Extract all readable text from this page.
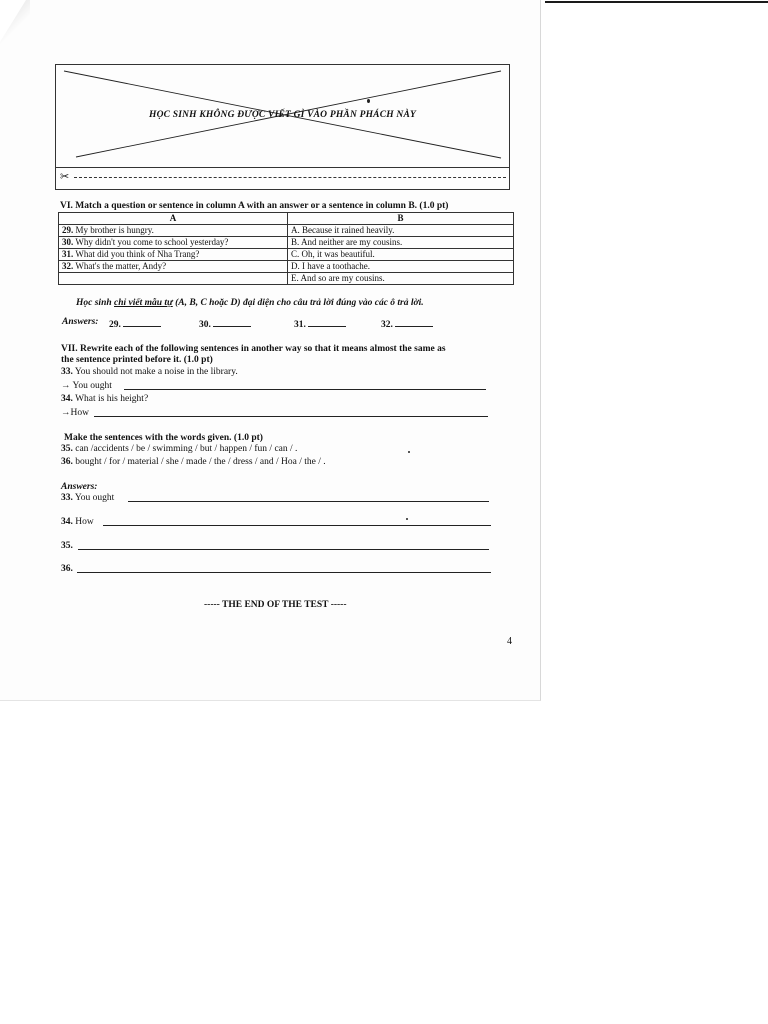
HỌC SINH KHÔNG ĐƯỢC VIẾT GÌ VÀO PHẦN PHÁCH NÀY
✂
VI. Match a question or sentence in column A with an answer or a sentence in column B. (1.0 pt)
A	B
29. My brother is hungry.	A. Because it rained heavily.
30. Why didn't you come to school yesterday?	B. And neither are my cousins.
31. What did you think of Nha Trang?	C. Oh, it was beautiful.
32. What's the matter, Andy?	D. I have a toothache.
	E. And so are my cousins.
Học sinh chỉ viết mẫu tự (A, B, C hoặc D) đại diện cho câu trả lời đúng vào các ô trả lời.
Answers: 29.	30.	31.	32.
VII. Rewrite each of the following sentences in another way so that it means almost the same as
the sentence printed before it. (1.0 pt)
33. You should not make a noise in the library.
→ You ought
34. What is his height?
→How
Make the sentences with the words given. (1.0 pt)
35. can /accidents / be / swimming / but / happen / fun / can / .
36. bought / for / material / she / made / the / dress / and / Hoa / the / .
Answers:
33. You ought
34. How
35.
36.
----- THE END OF THE TEST -----
4
